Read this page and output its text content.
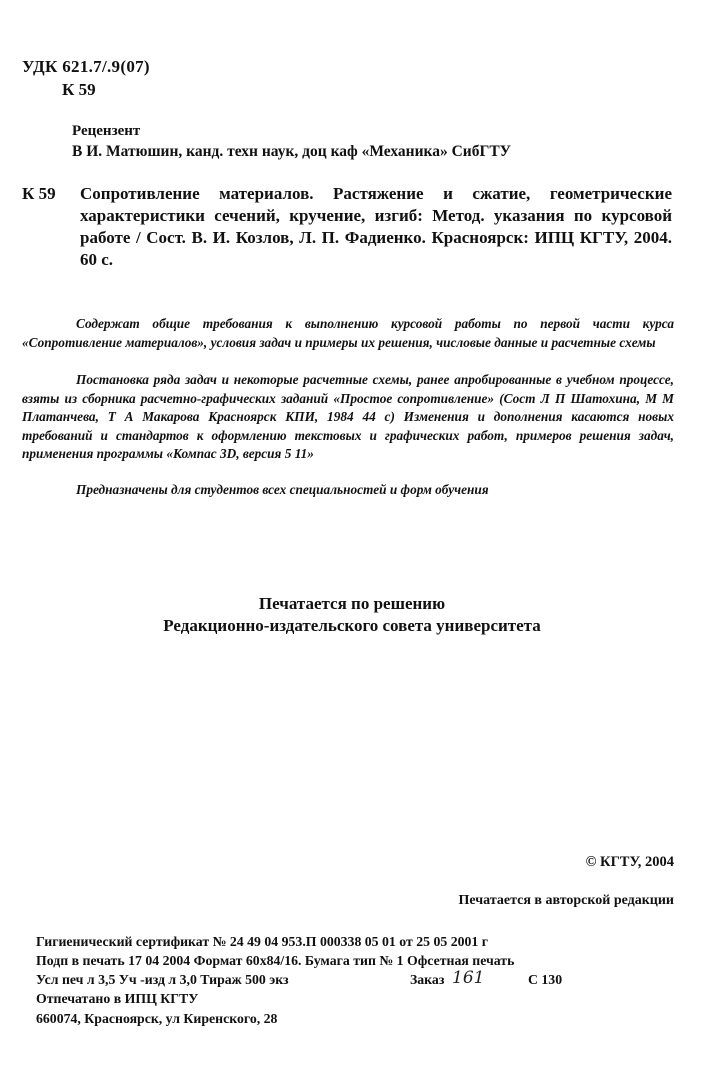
УДК 621.7/.9(07)
К 59
Рецензент
В И. Матюшин, канд. техн наук, доц каф «Механика» СибГТУ
К 59 Сопротивление материалов. Растяжение и сжатие, геометрические характеристики сечений, кручение, изгиб: Метод. указания по курсовой работе / Сост. В. И. Козлов, Л. П. Фадиенко. Красноярск: ИПЦ КГТУ, 2004. 60 с.
Содержат общие требования к выполнению курсовой работы по первой части курса «Сопротивление материалов», условия задач и примеры их решения, числовые данные и расчетные схемы
Постановка ряда задач и некоторые расчетные схемы, ранее апробированные в учебном процессе, взяты из сборника расчетно-графических заданий «Простое сопротивление» (Сост Л П Шатохина, М М Платанчева, Т А Макарова Красноярск КПИ, 1984 44 с) Изменения и дополнения касаются новых требований и стандартов к оформлению текстовых и графических работ, примеров решения задач, применения программы «Компас 3D, версия 5 11»
Предназначены для студентов всех специальностей и форм обучения
Печатается по решению
Редакционно-издательского совета университета
© КГТУ, 2004
Печатается в авторской редакции
Гигиенический сертификат № 24 49 04 953.П 000338 05 01 от 25 05 2001 г
Подп в печать 17 04 2004 Формат 60х84/16. Бумага тип № 1 Офсетная печать
Усл печ л 3,5 Уч -изд л 3,0 Тираж 500 экз	Заказ 161	С 130
Отпечатано в ИПЦ КГТУ
660074, Красноярск, ул Киренского, 28
